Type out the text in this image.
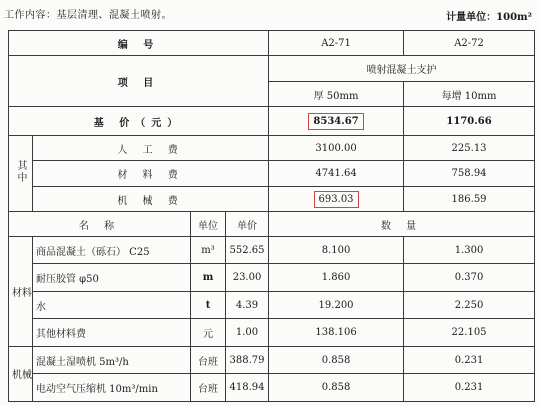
工作内容：基层清理、混凝土喷射。	计量单位：100m²
编 号				A2-71	A2-72
项 目				喷射混凝土支护	
				厚 50mm	每增 10mm
基 价（元）				8534.67	1170.66
其中	人 工 费			3100.00	225.13
	材 料 费			4741.64	758.94
	机 械 费			693.03	186.59
名 称		单位	单价	数 量	
材料	商品混凝土（砾石） C25	m³	552.65	8.100	1.300
	耐压胶管 φ50	m	23.00	1.860	0.370
	水	t	4.39	19.200	2.250
	其他材料费	元	1.00	138.106	22.105
机械	混凝土湿喷机 5m³/h	台班	388.79	0.858	0.231
	电动空气压缩机 10m³/min	台班	418.94	0.858	0.231
